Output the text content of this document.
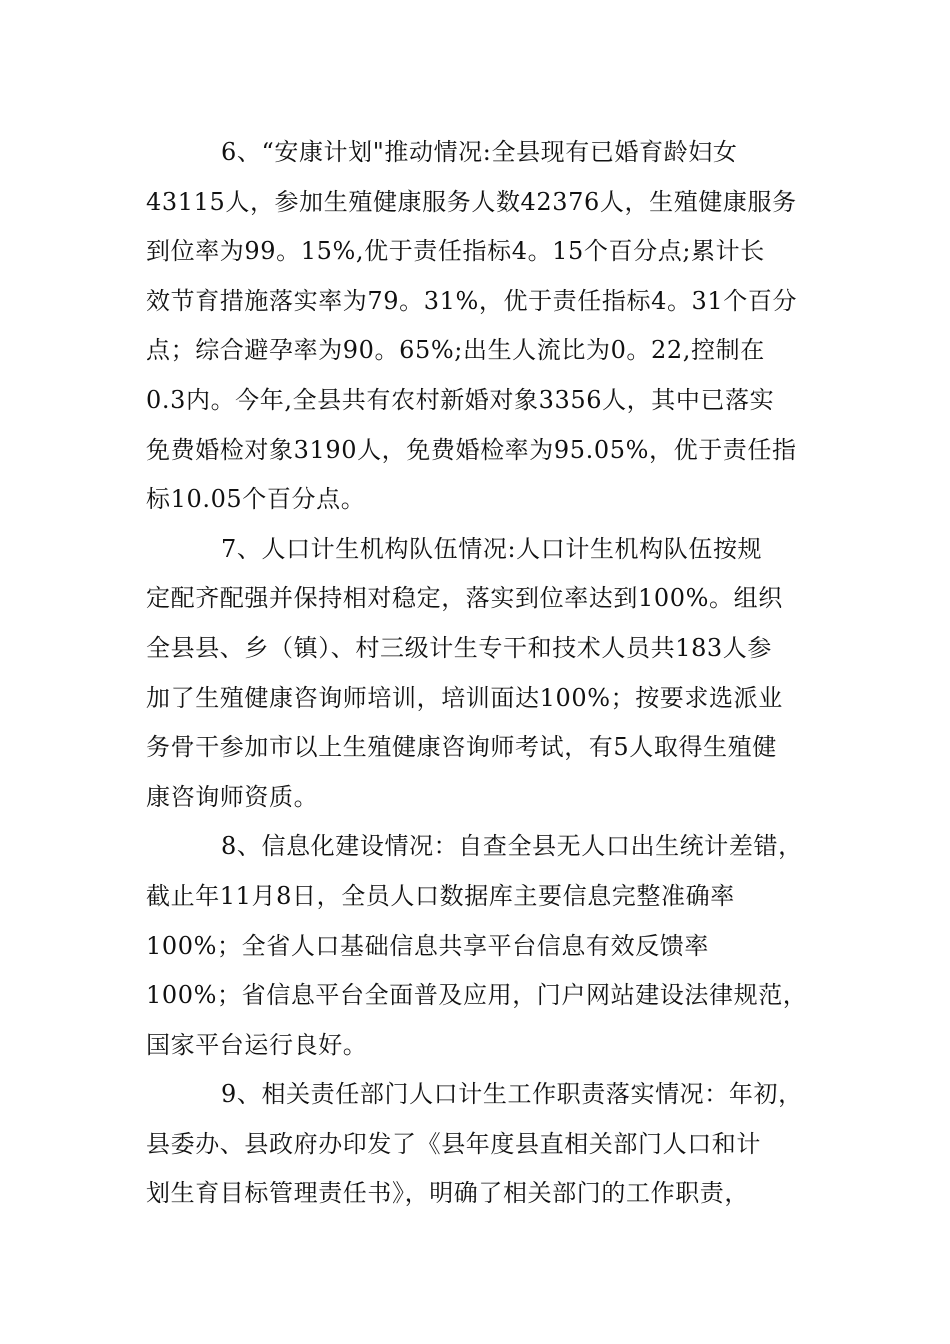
6、“安康计划"推动情况:全县现有已婚育龄妇女
43115人，参加生殖健康服务人数42376人，生殖健康服务
到位率为99。15%,优于责任指标4。15个百分点;累计长
效节育措施落实率为79。31%，优于责任指标4。31个百分
点；综合避孕率为90。65%;出生人流比为0。22,控制在
0.3内。今年,全县共有农村新婚对象3356人，其中已落实
免费婚检对象3190人，免费婚检率为95.05%，优于责任指
标10.05个百分点。
7、人口计生机构队伍情况:人口计生机构队伍按规
定配齐配强并保持相对稳定，落实到位率达到100%。组织
全县县、乡（镇）、村三级计生专干和技术人员共183人参
加了生殖健康咨询师培训，培训面达100%；按要求选派业
务骨干参加市以上生殖健康咨询师考试，有5人取得生殖健
康咨询师资质。
8、信息化建设情况：自查全县无人口出生统计差错，
截止年11月8日，全员人口数据库主要信息完整准确率
100%；全省人口基础信息共享平台信息有效反馈率
100%；省信息平台全面普及应用，门户网站建设法律规范，
国家平台运行良好。
9、相关责任部门人口计生工作职责落实情况：年初，
县委办、县政府办印发了《县年度县直相关部门人口和计
划生育目标管理责任书》，明确了相关部门的工作职责，
